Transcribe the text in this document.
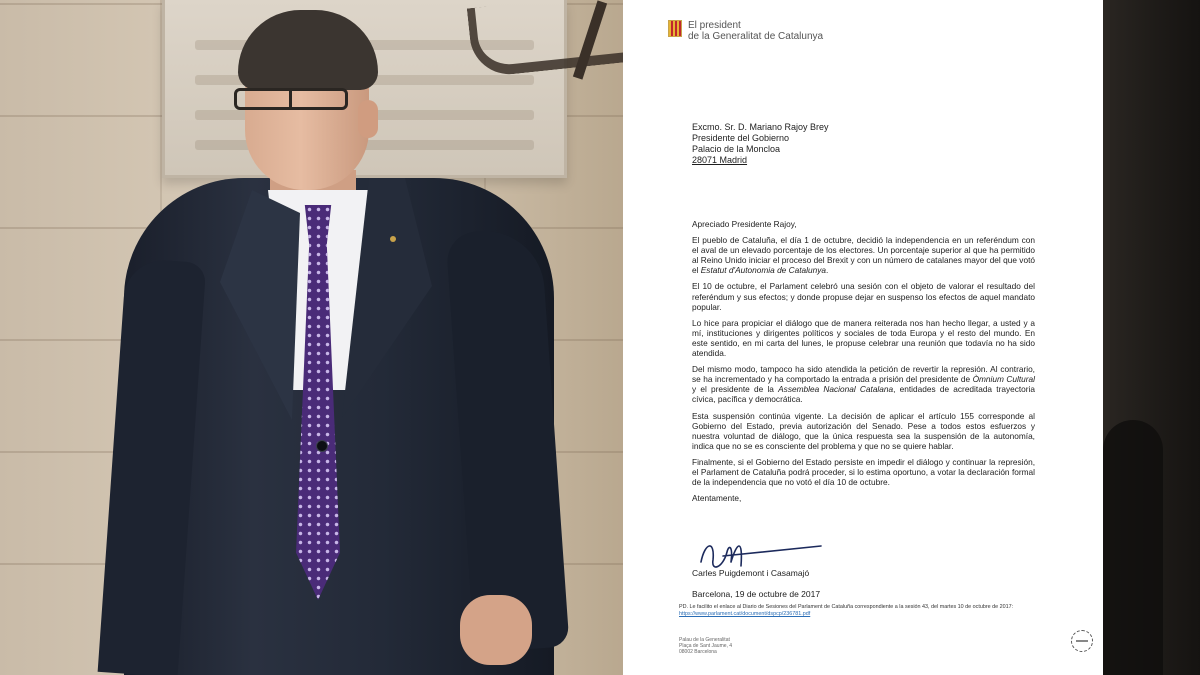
El president
de la Generalitat de Catalunya
Excmo. Sr. D. Mariano Rajoy Brey
Presidente del Gobierno
Palacio de la Moncloa
28071 Madrid
Apreciado Presidente Rajoy,

El pueblo de Cataluña, el día 1 de octubre, decidió la independencia en un referéndum con el aval de un elevado porcentaje de los electores. Un porcentaje superior al que ha permitido al Reino Unido iniciar el proceso del Brexit y con un número de catalanes mayor del que votó el Estatut d'Autonomia de Catalunya.

El 10 de octubre, el Parlament celebró una sesión con el objeto de valorar el resultado del referéndum y sus efectos; y donde propuse dejar en suspenso los efectos de aquel mandato popular.

Lo hice para propiciar el diálogo que de manera reiterada nos han hecho llegar, a usted y a mí, instituciones y dirigentes políticos y sociales de toda Europa y el resto del mundo. En este sentido, en mi carta del lunes, le propuse celebrar una reunión que todavía no ha sido atendida.

Del mismo modo, tampoco ha sido atendida la petición de revertir la represión. Al contrario, se ha incrementado y ha comportado la entrada a prisión del presidente de Òmnium Cultural y el presidente de la Assemblea Nacional Catalana, entidades de acreditada trayectoria cívica, pacífica y democrática.

Esta suspensión continúa vigente. La decisión de aplicar el artículo 155 corresponde al Gobierno del Estado, previa autorización del Senado. Pese a todos estos esfuerzos y nuestra voluntad de diálogo, que la única respuesta sea la suspensión de la autonomía, indica que no se es consciente del problema y que no se quiere hablar.

Finalmente, si el Gobierno del Estado persiste en impedir el diálogo y continuar la represión, el Parlament de Cataluña podrá proceder, si lo estima oportuno, a votar la declaración formal de la independencia que no votó el día 10 de octubre.

Atentamente,
Carles Puigdemont i Casamajó
Barcelona, 19 de octubre de 2017
PD. Le facilito el enlace al Diario de Sesiones del Parlament de Cataluña correspondiente a la sesión 43, del martes 10 de octubre de 2017: https://www.parlament.cat/document/dspcp/236781.pdf
Palau de la Generalitat
Plaça de Sant Jaume, 4
08002 Barcelona
